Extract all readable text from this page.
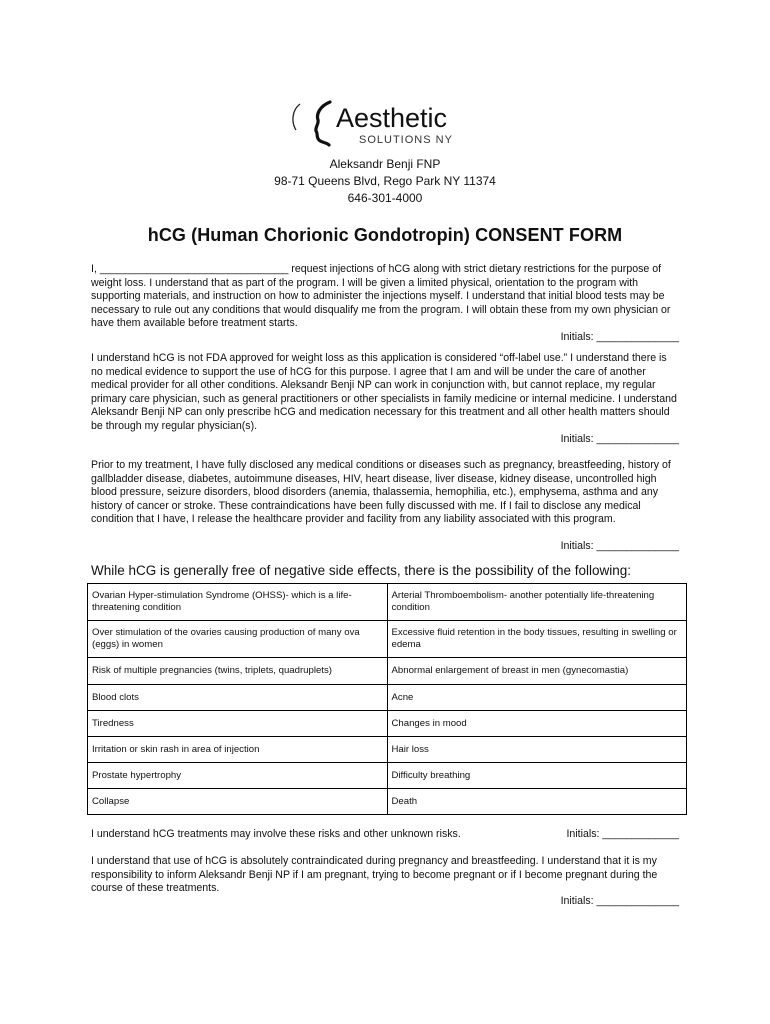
Aesthetic
SOLUTIONS NY
Aleksandr Benji FNP
98-71 Queens Blvd, Rego Park NY 11374
646-301-4000
hCG (Human Chorionic Gondotropin) CONSENT FORM
I, ________________________________ request injections of hCG along with strict dietary restrictions for the purpose of weight loss. I understand that as part of the program. I will be given a limited physical, orientation to the program with supporting materials, and instruction on how to administer the injections myself. I understand that initial blood tests may be necessary to rule out any conditions that would disqualify me from the program. I will obtain these from my own physician or have them available before treatment starts.
Initials: ______________
I understand hCG is not FDA approved for weight loss as this application is considered “off-label use.” I understand there is no medical evidence to support the use of hCG for this purpose. I agree that I am and will be under the care of another medical provider for all other conditions. Aleksandr Benji NP can work in conjunction with, but cannot replace, my regular primary care physician, such as general practitioners or other specialists in family medicine or internal medicine. I understand Aleksandr Benji NP can only prescribe hCG and medication necessary for this treatment and all other health matters should be through my regular physician(s).
Initials: ______________
Prior to my treatment, I have fully disclosed any medical conditions or diseases such as pregnancy, breastfeeding, history of gallbladder disease, diabetes, autoimmune diseases, HIV, heart disease, liver disease, kidney disease, uncontrolled high blood pressure, seizure disorders, blood disorders (anemia, thalassemia, hemophilia, etc.), emphysema, asthma and any history of cancer or stroke. These contraindications have been fully discussed with me. If I fail to disclose any medical condition that I have, I release the healthcare provider and facility from any liability associated with this program.
Initials: ______________
While hCG is generally free of negative side effects, there is the possibility of the following:
Ovarian Hyper-stimulation Syndrome (OHSS)- which is a life-threatening condition	Arterial Thromboembolism- another potentially life-threatening condition
Over stimulation of the ovaries causing production of many ova (eggs) in women	Excessive fluid retention in the body tissues, resulting in swelling or edema
Risk of multiple pregnancies (twins, triplets, quadruplets)	Abnormal enlargement of breast in men (gynecomastia)
Blood clots	Acne
Tiredness	Changes in mood
Irritation or skin rash in area of injection	Hair loss
Prostate hypertrophy	Difficulty breathing
Collapse	Death
I understand hCG treatments may involve these risks and other unknown risks.	Initials: _____________
I understand that use of hCG is absolutely contraindicated during pregnancy and breastfeeding. I understand that it is my responsibility to inform Aleksandr Benji NP if I am pregnant, trying to become pregnant or if I become pregnant during the course of these treatments.
Initials: ______________
